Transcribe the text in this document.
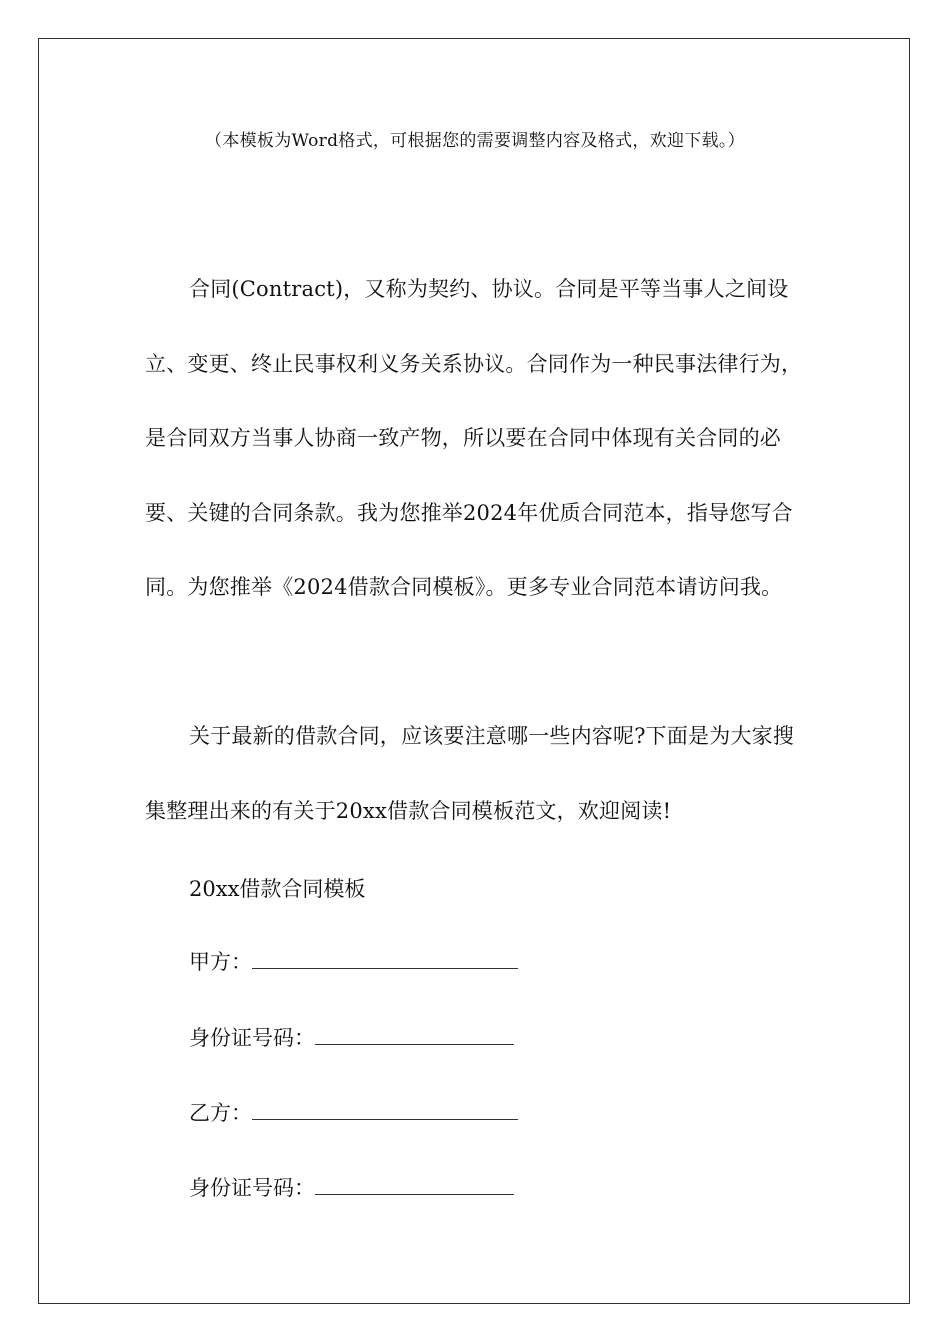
（本模板为Word格式，可根据您的需要调整内容及格式，欢迎下载。）

合同(Contract)，又称为契约、协议。合同是平等当事人之间设立、变更、终止民事权利义务关系协议。合同作为一种民事法律行为，是合同双方当事人协商一致产物，所以要在合同中体现有关合同的必要、关键的合同条款。我为您推举2024年优质合同范本，指导您写合同。为您推举《2024借款合同模板》。更多专业合同范本请访问我。

关于最新的借款合同，应该要注意哪一些内容呢?下面是为大家搜集整理出来的有关于20xx借款合同模板范文，欢迎阅读!

20xx借款合同模板
甲方：
身份证号码：
乙方：
身份证号码：
